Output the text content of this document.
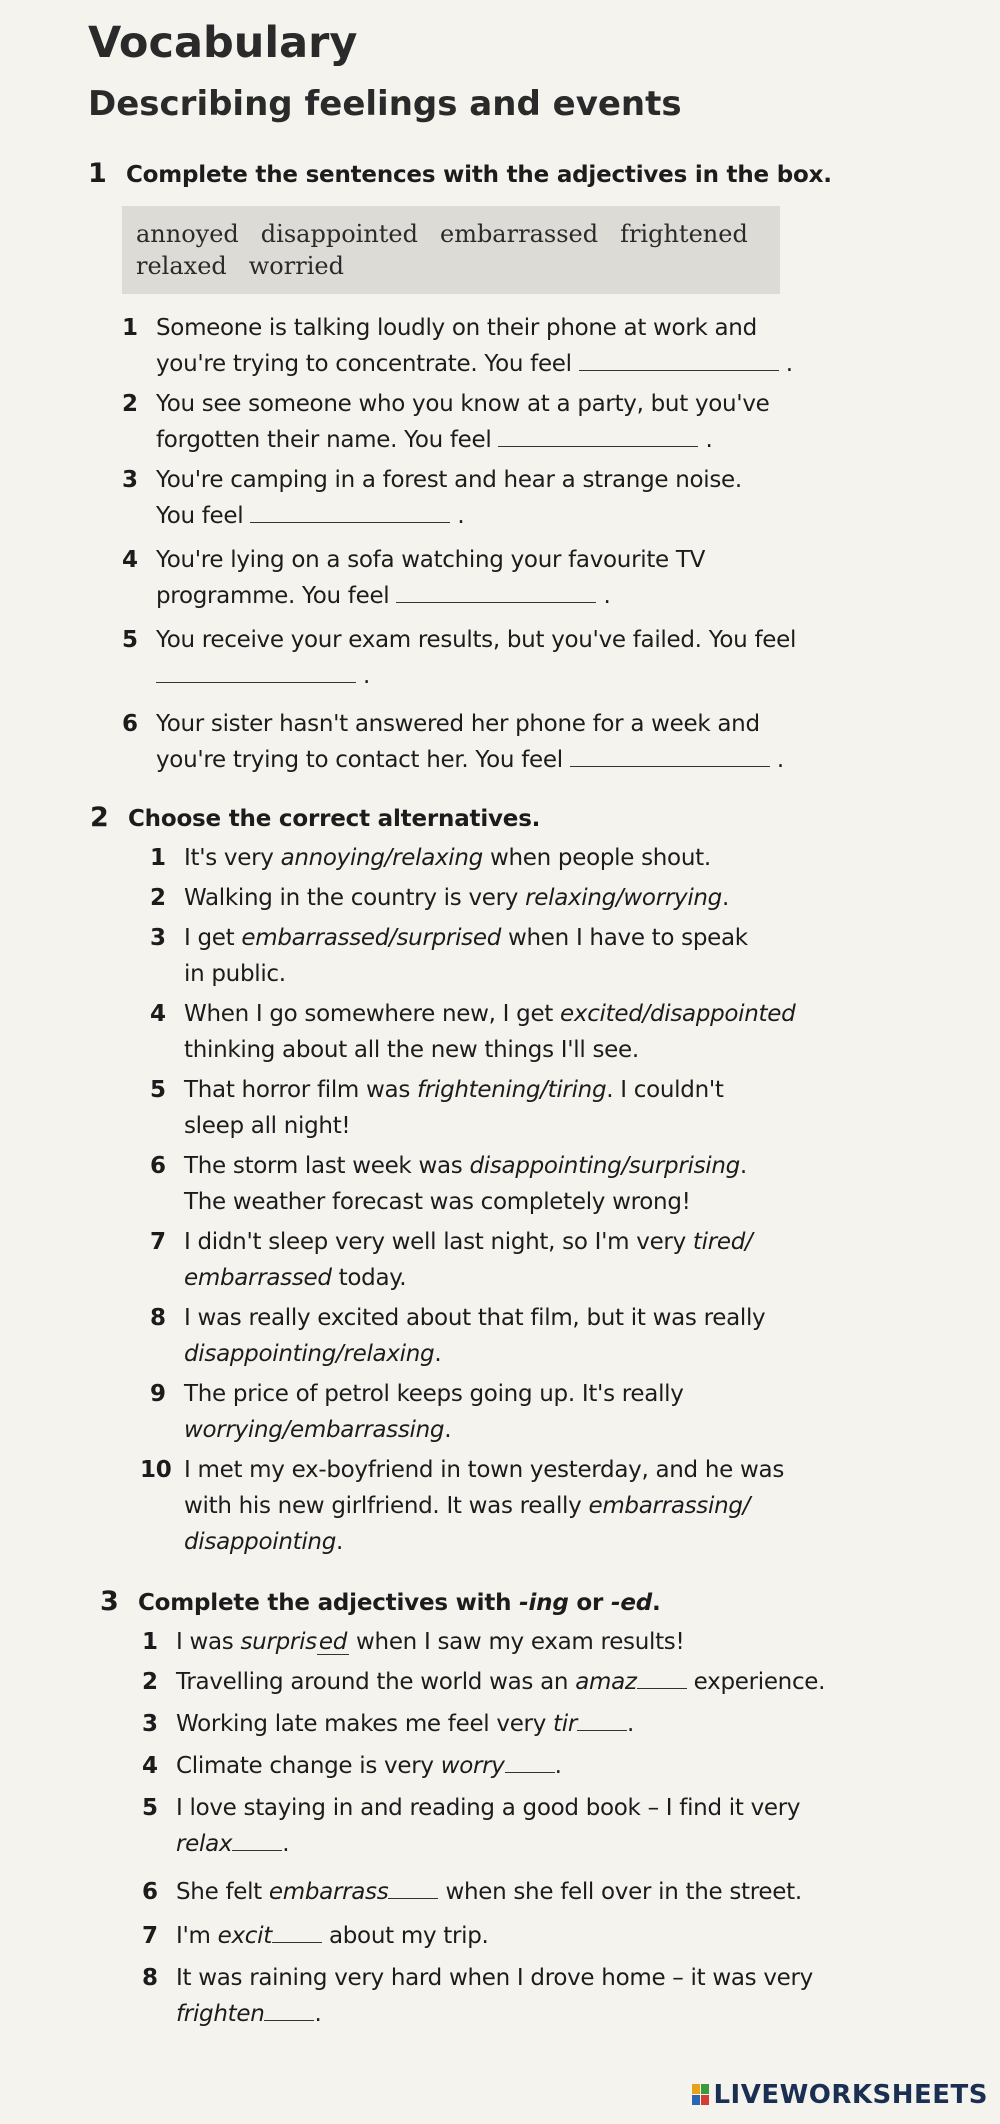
Vocabulary
Describing feelings and events
1 Complete the sentences with the adjectives in the box.
annoyed disappointed embarrassed frightened
relaxed worried
1 Someone is talking loudly on their phone at work and
you're trying to concentrate. You feel	.
2 You see someone who you know at a party, but you've
forgotten their name. You feel	.
3 You're camping in a forest and hear a strange noise.
You feel	.
4 You're lying on a sofa watching your favourite TV
programme. You feel	.
5 You receive your exam results, but you've failed. You feel
.
6 Your sister hasn't answered her phone for a week and
you're trying to contact her. You feel	.
2 Choose the correct alternatives.
1 It's very annoying/relaxing when people shout.
2 Walking in the country is very relaxing/worrying.
3 I get embarrassed/surprised when I have to speak
in public.
4 When I go somewhere new, I get excited/disappointed
thinking about all the new things I'll see.
5 That horror film was frightening/tiring. I couldn't
sleep all night!
6 The storm last week was disappointing/surprising.
The weather forecast was completely wrong!
7 I didn't sleep very well last night, so I'm very tired/
embarrassed today.
8 I was really excited about that film, but it was really
disappointing/relaxing.
9 The price of petrol keeps going up. It's really
worrying/embarrassing.
10 I met my ex-boyfriend in town yesterday, and he was
with his new girlfriend. It was really embarrassing/
disappointing.
3 Complete the adjectives with -ing or -ed.
1 I was surprised when I saw my exam results!
2 Travelling around the world was an amaz experience.
3 Working late makes me feel very tir .
4 Climate change is very worry .
5 I love staying in and reading a good book – I find it very
relax .
6 She felt embarrass when she fell over in the street.
7 I'm excit about my trip.
8 It was raining very hard when I drove home – it was very
frighten .
LIVEWORKSHEETS
